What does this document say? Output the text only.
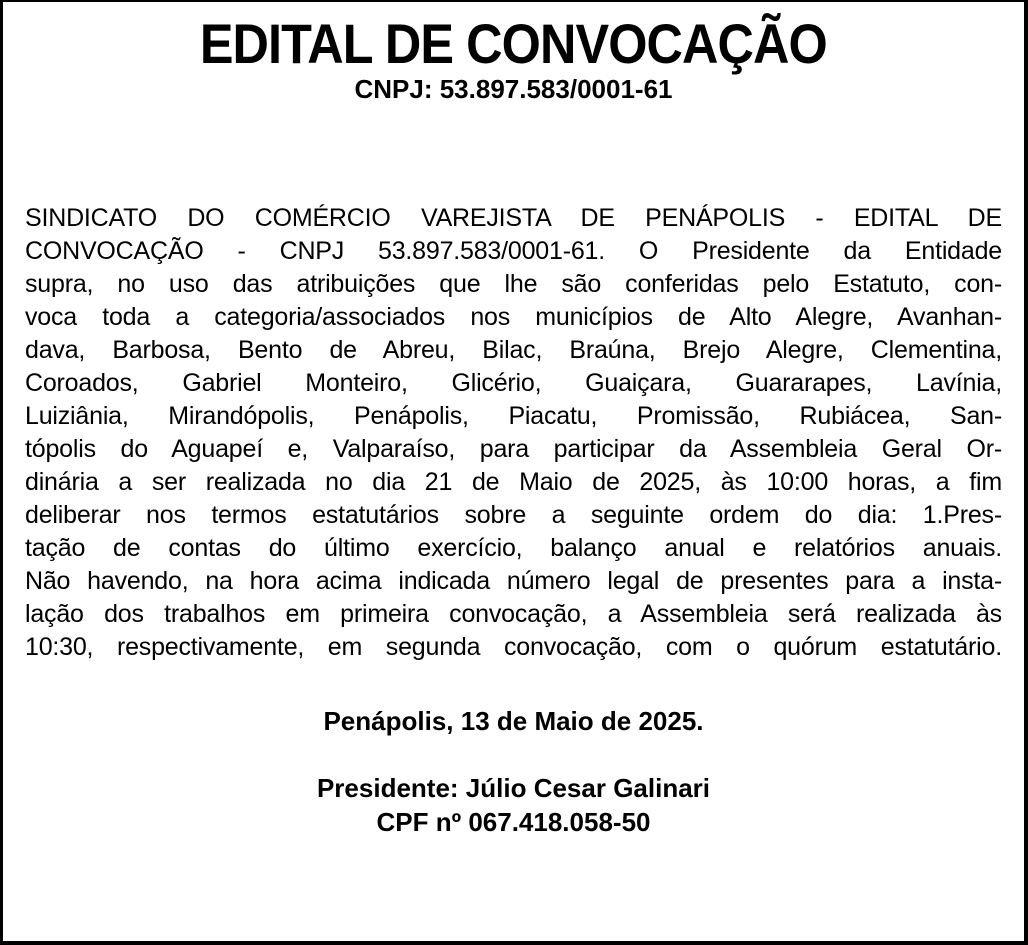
EDITAL DE CONVOCAÇÃO
CNPJ: 53.897.583/0001-61
SINDICATO DO COMÉRCIO VAREJISTA DE PENÁPOLIS - EDITAL DE
CONVOCAÇÃO - CNPJ 53.897.583/0001-61. O Presidente da Entidade
supra, no uso das atribuições que lhe são conferidas pelo Estatuto, con-
voca toda a categoria/associados nos municípios de Alto Alegre, Avanhan-
dava, Barbosa, Bento de Abreu, Bilac, Braúna, Brejo Alegre, Clementina,
Coroados, Gabriel Monteiro, Glicério, Guaiçara, Guararapes, Lavínia,
Luiziânia, Mirandópolis, Penápolis, Piacatu, Promissão, Rubiácea, San-
tópolis do Aguapeí e, Valparaíso, para participar da Assembleia Geral Or-
dinária a ser realizada no dia 21 de Maio de 2025, às 10:00 horas, a fim
deliberar nos termos estatutários sobre a seguinte ordem do dia: 1.Pres-
tação de contas do último exercício, balanço anual e relatórios anuais.
Não havendo, na hora acima indicada número legal de presentes para a insta-
lação dos trabalhos em primeira convocação, a Assembleia será realizada às
10:30, respectivamente, em segunda convocação, com o quórum estatutário.
Penápolis, 13 de Maio de 2025.
Presidente: Júlio Cesar Galinari
CPF nº 067.418.058-50
